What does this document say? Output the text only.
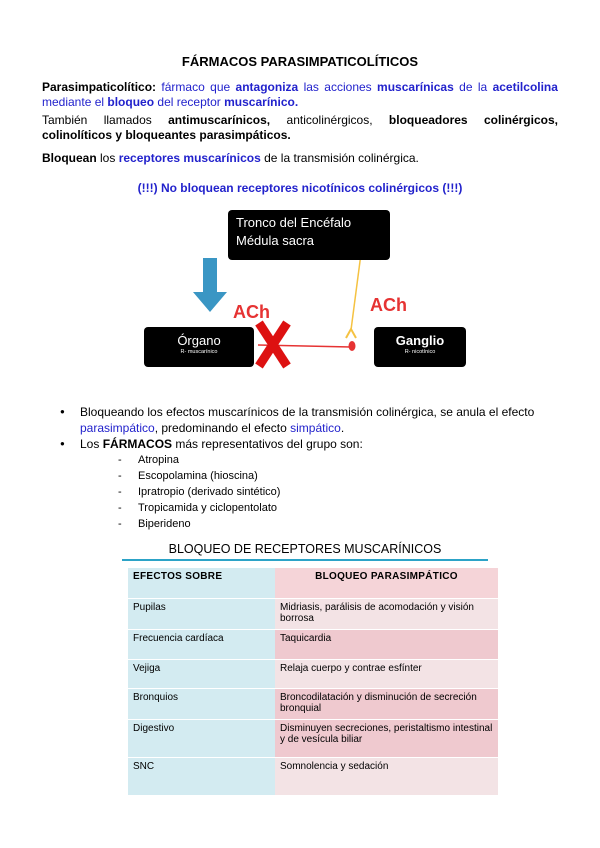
FÁRMACOS PARASIMPATICOLÍTICOS
Parasimpaticolítico: fármaco que antagoniza las acciones muscarínicas de la acetilcolina
mediante el bloqueo del receptor muscarínico.
También llamados antimuscarínicos, anticolinérgicos, bloqueadores colinérgicos,
colinolíticos y bloqueantes parasimpáticos.
Bloquean los receptores muscarínicos de la transmisión colinérgica.
(!!!) No bloquean receptores nicotínicos colinérgicos (!!!)
Tronco del Encéfalo
Médula sacra
Órgano
R- muscarínico
Ganglio
R- nicotínico
ACh	ACh
● Bloqueando los efectos muscarínicos de la transmisión colinérgica, se anula el efecto parasimpático, predominando el efecto simpático.
● Los FÁRMACOS más representativos del grupo son:
- Atropina
- Escopolamina (hioscina)
- Ipratropio (derivado sintético)
- Tropicamida y ciclopentolato
- Biperideno
BLOQUEO DE RECEPTORES MUSCARÍNICOS
EFECTOS SOBRE	BLOQUEO PARASIMPÁTICO
Pupilas	Midriasis, parálisis de acomodación y visión borrosa
Frecuencia cardíaca	Taquicardia
Vejiga	Relaja cuerpo y contrae esfínter
Bronquios	Broncodilatación y disminución de secreción bronquial
Digestivo	Disminuyen secreciones, peristaltismo intestinal y de vesícula biliar
SNC	Somnolencia y sedación
